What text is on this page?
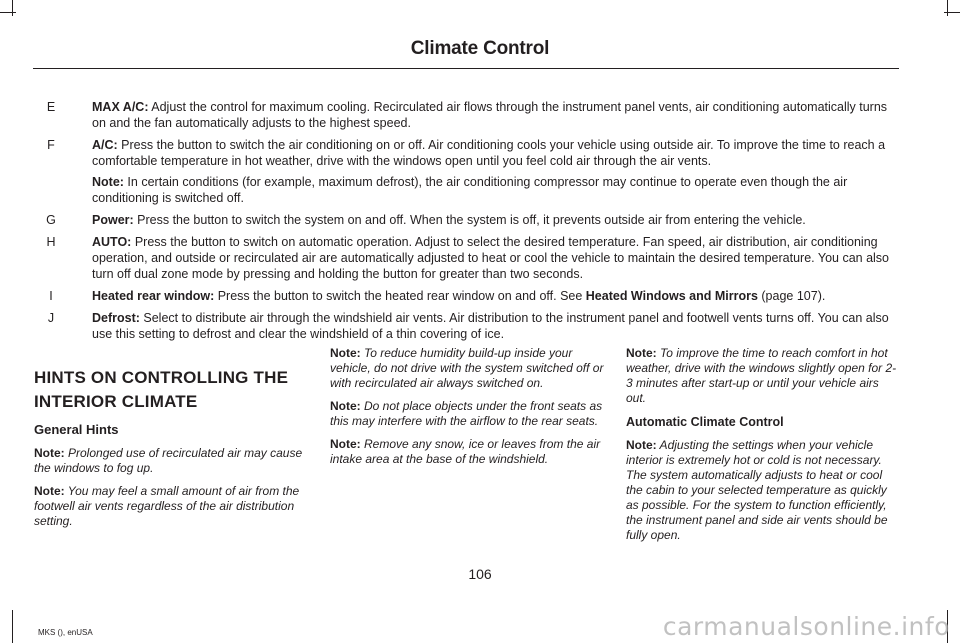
Climate Control
E	MAX A/C: Adjust the control for maximum cooling. Recirculated air flows through the instrument panel vents, air conditioning automatically turns on and the fan automatically adjusts to the highest speed.
F	A/C: Press the button to switch the air conditioning on or off. Air conditioning cools your vehicle using outside air. To improve the time to reach a comfortable temperature in hot weather, drive with the windows open until you feel cold air through the air vents.
Note: In certain conditions (for example, maximum defrost), the air conditioning compressor may continue to operate even though the air conditioning is switched off.
G	Power: Press the button to switch the system on and off. When the system is off, it prevents outside air from entering the vehicle.
H	AUTO: Press the button to switch on automatic operation. Adjust to select the desired temperature. Fan speed, air distribution, air conditioning operation, and outside or recirculated air are automatically adjusted to heat or cool the vehicle to maintain the desired temperature. You can also turn off dual zone mode by pressing and holding the button for greater than two seconds.
I	Heated rear window: Press the button to switch the heated rear window on and off. See Heated Windows and Mirrors (page 107).
J	Defrost: Select to distribute air through the windshield air vents. Air distribution to the instrument panel and footwell vents turns off. You can also use this setting to defrost and clear the windshield of a thin covering of ice.
HINTS ON CONTROLLING THE
INTERIOR CLIMATE
General Hints

Note: Prolonged use of recirculated air may cause the windows to fog up.

Note: You may feel a small amount of air from the footwell air vents regardless of the air distribution setting.

Note: To reduce humidity build-up inside your vehicle, do not drive with the system switched off or with recirculated air always switched on.

Note: Do not place objects under the front seats as this may interfere with the airflow to the rear seats.

Note: Remove any snow, ice or leaves from the air intake area at the base of the windshield.

Note: To improve the time to reach comfort in hot weather, drive with the windows slightly open for 2-3 minutes after start-up or until your vehicle airs out.

Automatic Climate Control

Note: Adjusting the settings when your vehicle interior is extremely hot or cold is not necessary. The system automatically adjusts to heat or cool the cabin to your selected temperature as quickly as possible. For the system to function efficiently, the instrument panel and side air vents should be fully open.

106
MKS (), enUSA	carmanualsonline.info
